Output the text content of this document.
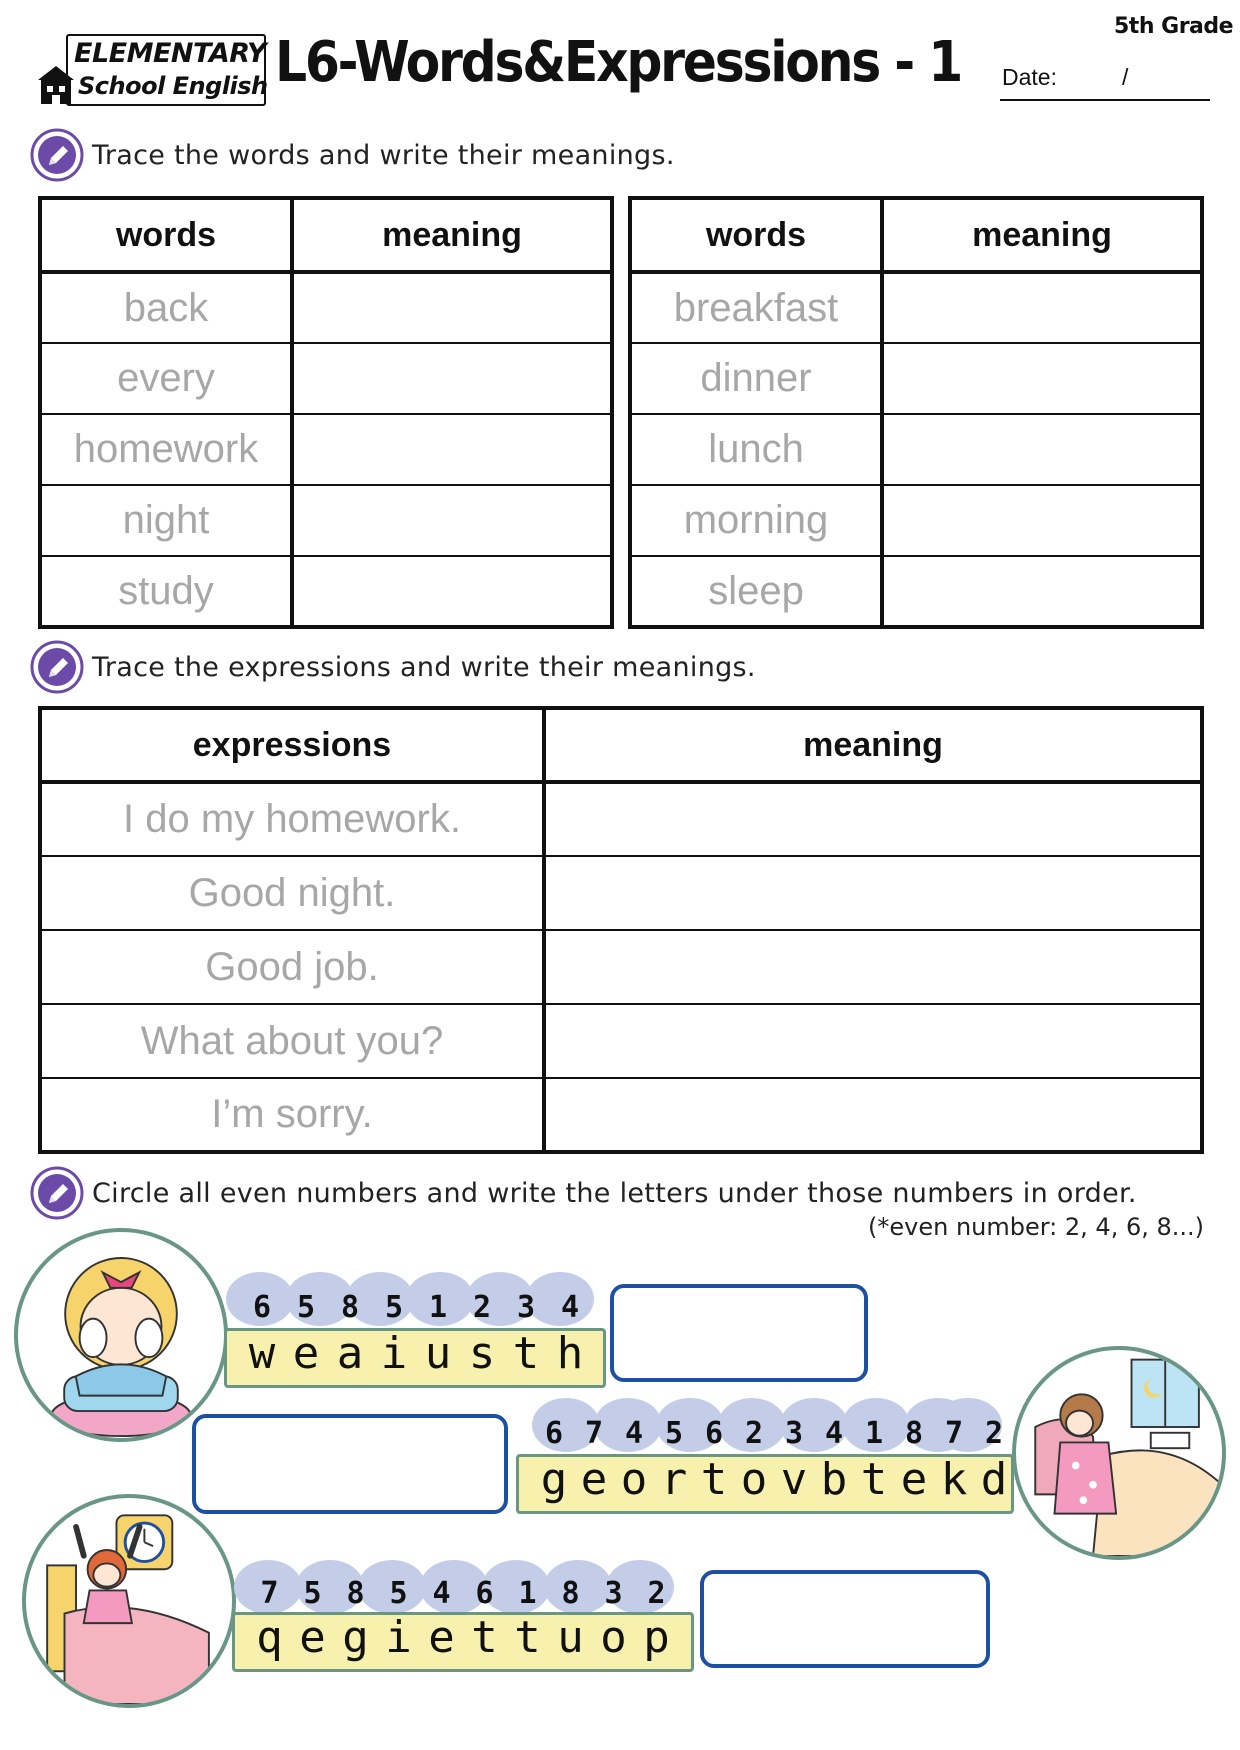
ELEMENTARY
School English L6-Words&Expressions - 1
5th Grade
Date:	/
Trace the words and write their meanings.
words	meaning
back	
every	
homework	
night	
study	
words	meaning
breakfast	
dinner	
lunch	
morning	
sleep	
Trace the expressions and write their meanings.
expressions	meaning
I do my homework.	
Good night.	
Good job.	
What about you?	
I’m sorry.	
Circle all even numbers and write the letters under those numbers in order.
(*even number: 2, 4, 6, 8...)
6 5 8 5 1 2 3 4
w e a i u s t h
6 7 4 5 6 2 3 4 1 8 7 2
g e o r t o v b t e k d
7 5 8 5 4 6 1 8 3 2
q e g i e t t u o p
